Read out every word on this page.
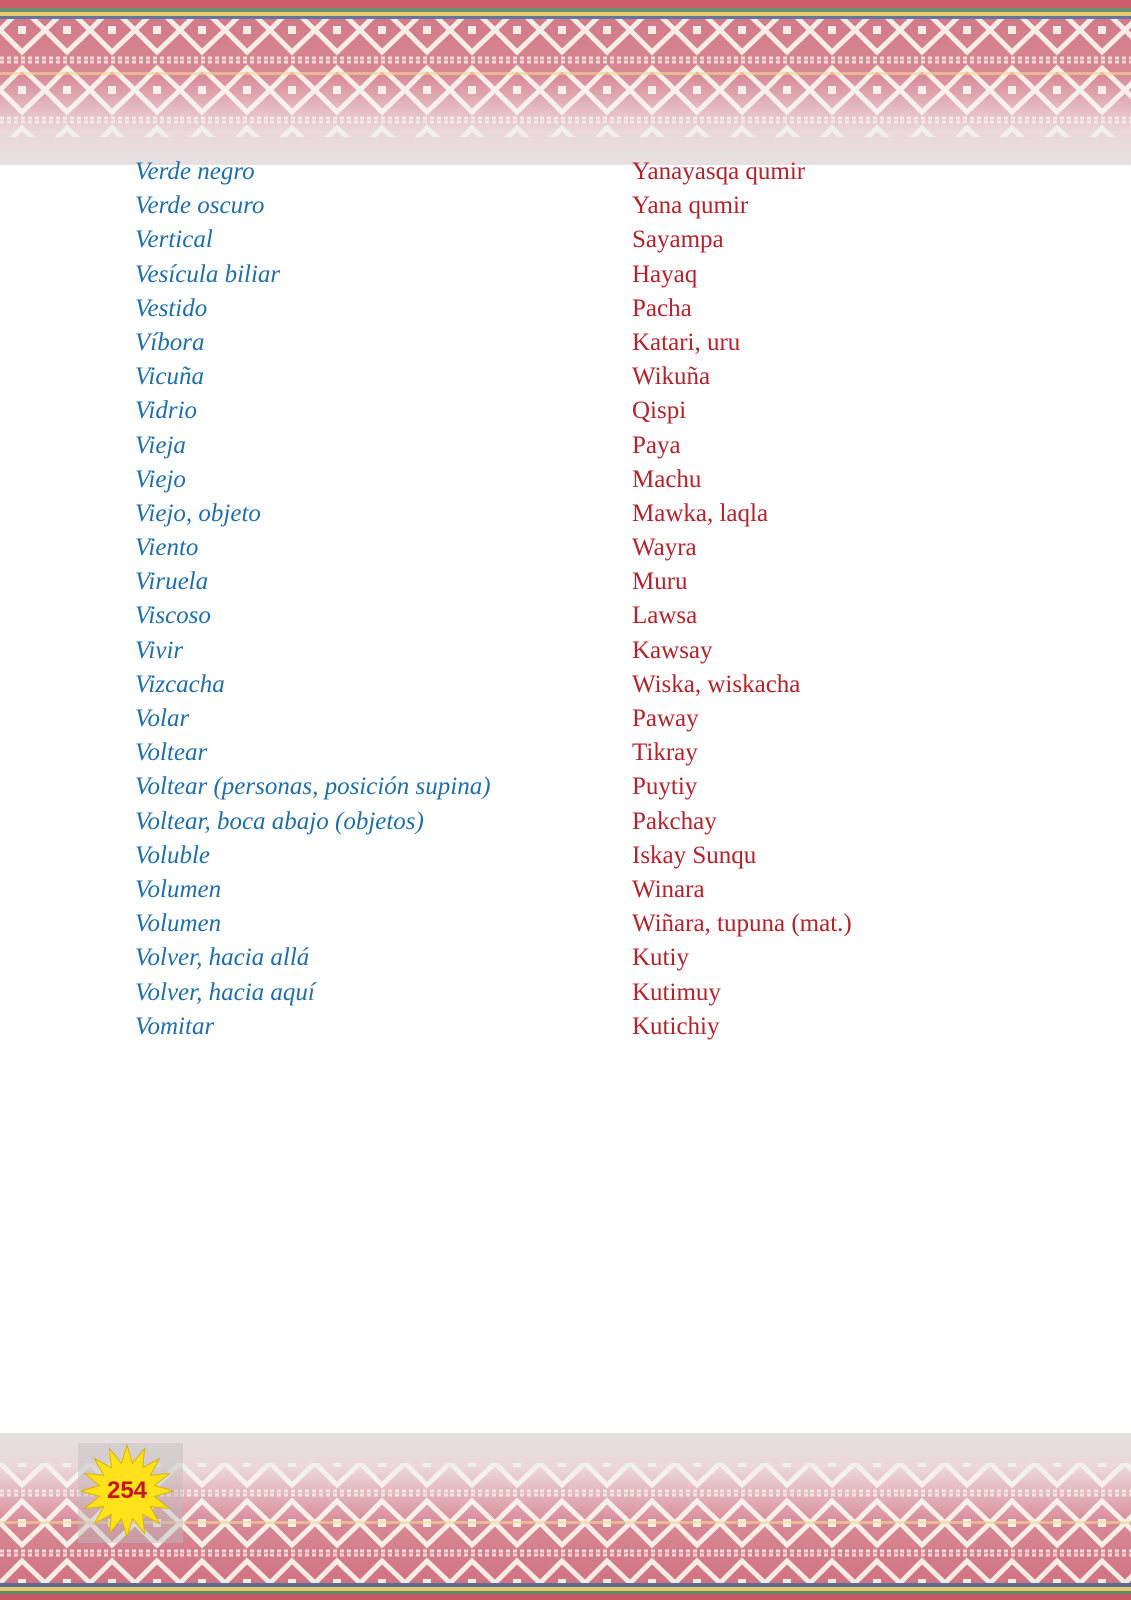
Verde negro	Yanayasqa qumir
Verde oscuro	Yana qumir
Vertical	Sayampa
Vesícula biliar	Hayaq
Vestido	Pacha
Víbora	Katari, uru
Vicuña	Wikuña
Vidrio	Qispi
Vieja	Paya
Viejo	Machu
Viejo, objeto	Mawka, laqla
Viento	Wayra
Viruela	Muru
Viscoso	Lawsa
Vivir	Kawsay
Vizcacha	Wiska, wiskacha
Volar	Paway
Voltear	Tikray
Voltear (personas, posición supina)	Puytiy
Voltear, boca abajo (objetos)	Pakchay
Voluble	Iskay Sunqu
Volumen	Winara
Volumen	Wiñara, tupuna (mat.)
Volver, hacia allá	Kutiy
Volver, hacia aquí	Kutimuy
Vomitar	Kutichiy
254
